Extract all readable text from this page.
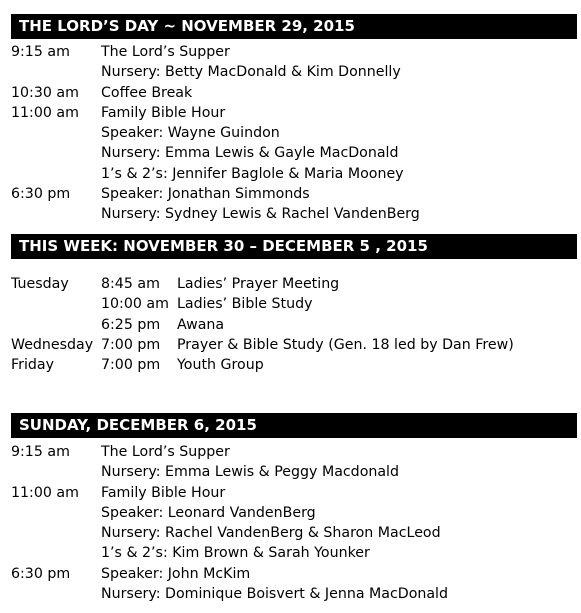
THE LORD’S DAY ~ NOVEMBER 29, 2015
9:15 am The Lord’s Supper
Nursery: Betty MacDonald & Kim Donnelly
10:30 am Coffee Break
11:00 am Family Bible Hour
Speaker: Wayne Guindon
Nursery: Emma Lewis & Gayle MacDonald
1’s & 2’s: Jennifer Baglole & Maria Mooney
6:30 pm Speaker: Jonathan Simmonds
Nursery: Sydney Lewis & Rachel VandenBerg
THIS WEEK: NOVEMBER 30 – DECEMBER 5 , 2015
Tuesday 8:45 am Ladies’ Prayer Meeting
10:00 am Ladies’ Bible Study
6:25 pm Awana
Wednesday 7:00 pm Prayer & Bible Study (Gen. 18 led by Dan Frew)
Friday	7:00 pm Youth Group
SUNDAY, DECEMBER 6, 2015
9:15 am The Lord’s Supper
Nursery: Emma Lewis & Peggy Macdonald
11:00 am Family Bible Hour
Speaker: Leonard VandenBerg
Nursery: Rachel VandenBerg & Sharon MacLeod
1’s & 2’s: Kim Brown & Sarah Younker
6:30 pm Speaker: John McKim
Nursery: Dominique Boisvert & Jenna MacDonald
